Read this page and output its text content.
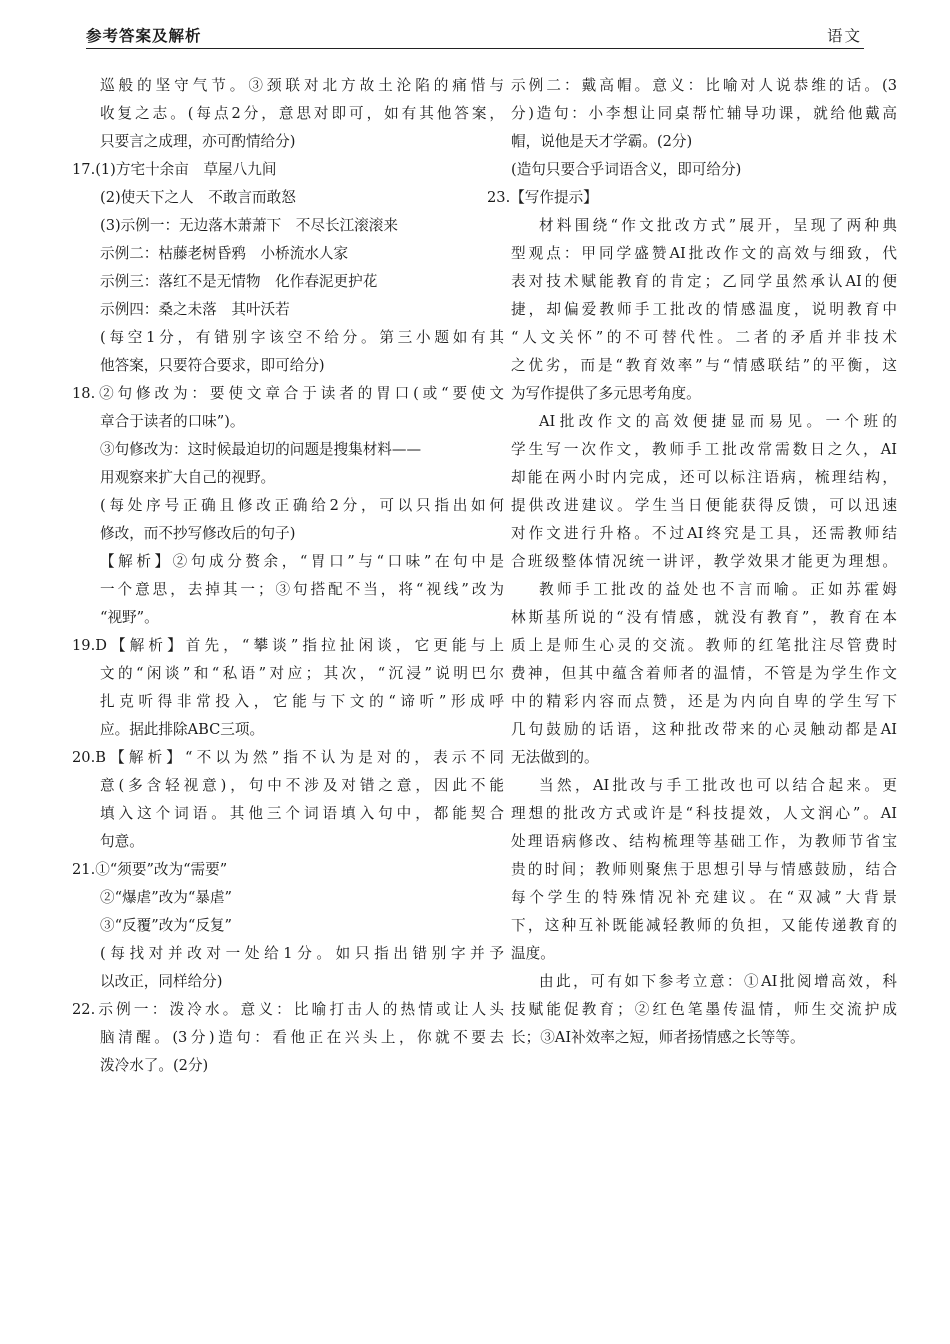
参考答案及解析	语文

巡般的坚守气节。③颈联对北方故土沦陷的痛惜与

收复之志。(每点2分，意思对即可，如有其他答案，

只要言之成理，亦可酌情给分)

17.(1)方宅十余亩　草屋八九间

(2)使天下之人　不敢言而敢怒

(3)示例一：无边落木萧萧下　不尽长江滚滚来

示例二：枯藤老树昏鸦　小桥流水人家

示例三：落红不是无情物　化作春泥更护花

示例四：桑之未落　其叶沃若

(每空1分，有错别字该空不给分。第三小题如有其

他答案，只要符合要求，即可给分)

18.②句修改为：要使文章合于读者的胃口(或“要使文

章合于读者的口味”)。

③句修改为：这时候最迫切的问题是搜集材料——

用观察来扩大自己的视野。

(每处序号正确且修改正确给2分，可以只指出如何

修改，而不抄写修改后的句子)

【解析】②句成分赘余，“胃口”与“口味”在句中是

一个意思，去掉其一；③句搭配不当，将“视线”改为

“视野”。

19.D【解析】首先，“攀谈”指拉扯闲谈，它更能与上

文的“闲谈”和“私语”对应；其次，“沉浸”说明巴尔

扎克听得非常投入，它能与下文的“谛听”形成呼

应。据此排除ABC三项。

20.B【解析】“不以为然”指不认为是对的，表示不同

意(多含轻视意)，句中不涉及对错之意，因此不能

填入这个词语。其他三个词语填入句中，都能契合

句意。

21.①“须要”改为“需要”

②“爆虐”改为“暴虐”

③“反覆”改为“反复”

(每找对并改对一处给1分。如只指出错别字并予

以改正，同样给分)

22.示例一：泼冷水。意义：比喻打击人的热情或让人头

脑清醒。(3分)造句：看他正在兴头上，你就不要去

泼冷水了。(2分)

示例二：戴高帽。意义：比喻对人说恭维的话。(3

分)造句：小李想让同桌帮忙辅导功课，就给他戴高

帽，说他是天才学霸。(2分)

(造句只要合乎词语含义，即可给分)

23.【写作提示】

材料围绕“作文批改方式”展开，呈现了两种典

型观点：甲同学盛赞AI批改作文的高效与细致，代

表对技术赋能教育的肯定；乙同学虽然承认AI的便

捷，却偏爱教师手工批改的情感温度，说明教育中

“人文关怀”的不可替代性。二者的矛盾并非技术

之优劣，而是“教育效率”与“情感联结”的平衡，这

为写作提供了多元思考角度。

AI批改作文的高效便捷显而易见。一个班的

学生写一次作文，教师手工批改常需数日之久，AI

却能在两小时内完成，还可以标注语病，梳理结构，

提供改进建议。学生当日便能获得反馈，可以迅速

对作文进行升格。不过AI终究是工具，还需教师结

合班级整体情况统一讲评，教学效果才能更为理想。

教师手工批改的益处也不言而喻。正如苏霍姆

林斯基所说的“没有情感，就没有教育”，教育在本

质上是师生心灵的交流。教师的红笔批注尽管费时

费神，但其中蕴含着师者的温情，不管是为学生作文

中的精彩内容而点赞，还是为内向自卑的学生写下

几句鼓励的话语，这种批改带来的心灵触动都是AI

无法做到的。

当然，AI批改与手工批改也可以结合起来。更

理想的批改方式或许是“科技提效，人文润心”。AI

处理语病修改、结构梳理等基础工作，为教师节省宝

贵的时间；教师则聚焦于思想引导与情感鼓励，结合

每个学生的特殊情况补充建议。在“双减”大背景

下，这种互补既能减轻教师的负担，又能传递教育的

温度。

由此，可有如下参考立意：①AI批阅增高效，科

技赋能促教育；②红色笔墨传温情，师生交流护成

长；③AI补效率之短，师者扬情感之长等等。
